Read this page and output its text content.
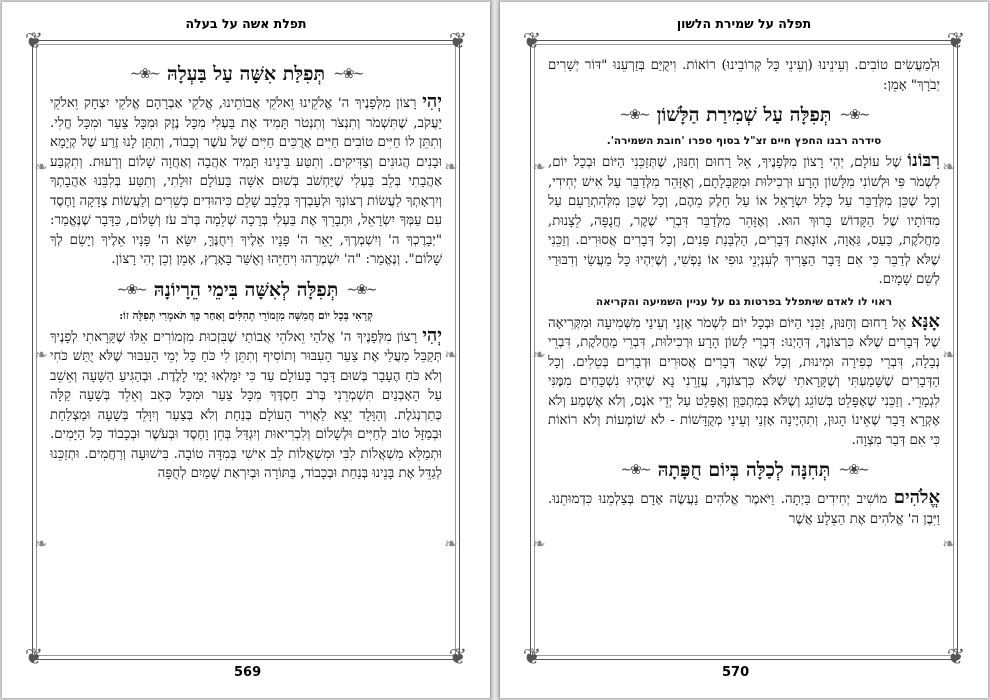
תפלת אשה על בעלה
❦	❦
❦	❦
❧
❧
❧
❧
❧
❧
∽❀∽
תְּפִלַּת אִשָּׁה עַל בַּעְלָהּ
∽❀∽

יְהִי רָצוֹן מִלְּפָנֶיךָ ה' אֱלֹקֵינוּ וֵאלֹקֵי אֲבוֹתֵינוּ, אֱלֹקֵי אַבְרָהָם אֱלֹקֵי יִצְחָק וֵאלֹקֵי יַעֲקֹב, שֶׁתִּשְׁמֹר וְתִנְצֹר וְתִנְטֹר תָּמִיד אֶת בַּעְלִי מִכָּל נֶזֶק וּמִכָּל צַעַר וּמִכָּל חֳלִי. וְתִתֵּן לוֹ חַיִּים טוֹבִים חַיִּים אֲרֻכִּים חַיִּים שֶׁל עֹשֶׁר וְכָבוֹד, וְתִתֵּן לָנוּ זֶרַע שֶׁל קְיָמָא וּבָנִים הֲגוּנִים וְצַדִּיקִים. וְתִטַּע בֵּינֵינוּ תָּמִיד אַהֲבָה וְאַחֲוָה שָׁלוֹם וְרֵעוּת. וְתִקְבַּע אַהֲבָתִי בְּלֵב בַּעְלִי שֶׁיַּחְשֹׁב בְּשׁוּם אִשָּׁה בָּעוֹלָם זוּלָתִי, וְתִטַּע בְּלִבֵּנוּ אַהֲבָתְךָ וְיִרְאָתְךָ לַעֲשׂוֹת רְצוֹנְךָ וּלְעָבְדְךָ בְּלֵבָב שָׁלֵם כִּיהוּדִים כְּשֵׁרִים וְלַעֲשׂוֹת צְדָקָה וָחֶסֶד עִם עַמְּךָ יִשְׂרָאֵל, וּתְבָרֵךְ אֶת בַּעְלִי בְּרָכָה שְׁלֵמָה בְּרֹב עֹז וְשָׁלוֹם, כַּדָּבָר שֶׁנֶּאֱמַר: "יְבָרֶכְךָ ה' וְיִשְׁמְרֶךָ, יָאֵר ה' פָּנָיו אֵלֶיךָ וִיחֻנֶּךָּ, יִשָּׂא ה' פָּנָיו אֵלֶיךָ וְיָשֵׂם לְךָ שָׁלוֹם". וְנֶאֱמַר: "ה' יִשְׁמְרֵהוּ וִיחַיֵּהוּ וְאֻשַּׁר בָּאָרֶץ, אָמֵן וְכֵן יְהִי רָצוֹן.

∽❀∽
תְּפִלָּה לְאִשָּׁה בִּימֵי הֵרָיוֹנָהּ
∽❀∽
קְרָאִי בְּכָל יוֹם חֲמִשָּׁה מִזְמוֹרֵי תְהִלִּים וְאַחַר כָּךְ תֹּאמְרִי תְּפִלָּה זוֹ:

יְהִי רָצוֹן מִלְּפָנֶיךָ ה' אֱלֹהַי וֵאלֹהֵי אֲבוֹתַי שֶׁבִּזְכוּת מִזְמוֹרִים אֵלּוּ שֶׁקָּרָאתִי לְפָנֶיךָ תְּקַבֵּל מַעֲלַי אֶת צַעַר הָעִבּוּר וְתוֹסִיף וְתִתֵּן לִי כֹּחַ כָּל יְמֵי הָעִבּוּר שֶׁלֹּא יֻתַּשׁ כֹּחִי וְלֹא כֹּחַ הֶעָבָר בְּשׁוּם דָּבָר בָּעוֹלָם עַד כִּי יִמָּלְאוּ יָמַי לָלֶדֶת. וּבְהַגִּיעַ הַשָּׁעָה וְאֵשֵׁב עַל הָאָבְנַיִם תִּשְׁמְרֵנִי בְּרֹב חַסְדֶּךָ מִכָּל צַעַר וּמִכָּל כְּאֵב וְאֵלֵד בְּשָׁעָה קַלָּה כְּתַרְנְגֹלֶת. וְהַוָּלָד יֵצֵא לַאֲוִיר הָעוֹלָם בְּנַחַת וְלֹא בְּצַעַר וְיִוָּלֵד בְּשָׁעָה וּמַצְלַחַת וּבְמַזָּל טוֹב לְחַיִּים וּלְשָׁלוֹם וְלִבְרִיאוּת וְיִגְדַּל בְּחֵן וָחֶסֶד וּבְעֹשֶׁר וּבְכָבוֹד כָּל הַיָּמִים. וּתְמַלֵּא מִשְׁאֲלוֹת לִבִּי וּמִשְׁאֲלוֹת לֵב אִישִׁי בְּמִדָּה טוֹבָה. בִּישׁוּעָה וְרַחֲמִים. וּתְזַכֵּנוּ לְגַדֵּל אֶת בָּנֵינוּ בְּנַחַת וּבְכָבוֹד, בַּתּוֹרָה וּבְיִרְאַת שָׁמַיִם לְחֻפָּה

569
תפלה על שמירת הלשון
❦	❦
❦	❦
❧
❧
❧
❧
❧
❧

וּלְמַעֲשִׂים טוֹבִים. וְעֵינֵינוּ (וְעֵינֵי כָּל קְרוֹבֵינוּ) רוֹאוֹת. וִיקֻיַּם בְּזַרְעֵנוּ "דּוֹר יְשָׁרִים יְבֹרָךְ" אָמֵן:

∽❀∽
תְּפִלָּה עַל שְׁמִירַת הַלָּשׁוֹן
∽❀∽
סידרה רבנו החפץ חיים זצ"ל בסוף ספרו 'חובת השמירה'.

רִבּוֹנוֹ שֶׁל עוֹלָם, יְהִי רָצוֹן מִלְּפָנֶיךָ, אֵל רַחוּם וְחַנּוּן, שֶׁתְּזַכֵּנִי הַיּוֹם וּבְכָל יוֹם, לִשְׁמֹר פִּי וּלְשׁוֹנִי מִלָּשׁוֹן הָרָע וּרְכִילוּת וּמִקַּבָּלָתָם, וְאֶזָּהֵר מִלְּדַבֵּר עַל אִישׁ יְחִידִי, וְכָל שֶׁכֵּן מִלְּדַבֵּר עַל כְּלַל יִשְׂרָאֵל אוֹ עַל חֵלֶק מֵהֶם, וְכָל שֶׁכֵּן מִלְּהִתְרַעֵם עַל מִדּוֹתָיו שֶׁל הַקָּדוֹשׁ בָּרוּךְ הוּא. וְאֶזָּהֵר מִלְּדַבֵּר דִּבְרֵי שֶׁקֶר, חֲנֻפָּה, לֵצָנוּת, מַחֲלֹקֶת, כַּעַס, גַּאֲוָה, אוֹנָאַת דְּבָרִים, הַלְבָּנַת פָּנִים, וְכָל דְּבָרִים אֲסוּרִים. וְזַכֵּנִי שֶׁלֹּא לְדַבֵּר כִּי אִם דָּבָר הַצָּרִיךְ לְעִנְיְנֵי גּוּפִי אוֹ נַפְשִׁי, וְשֶׁיִּהְיוּ כָּל מַעֲשַׂי וְדִבּוּרַי לְשֵׁם שָׁמָיִם.

ראוי לו לאדם שיתפלל בפרטות גם על עניין השמיעה והקריאה

אָנָּא אֵל רַחוּם וְחַנּוּן, זַכֵּנִי הַיּוֹם וּבְכָל יוֹם לִשְׁמֹר אָזְנַי וְעֵינַי מִשְּׁמִיעָה וּמִקְּרִיאָה שֶׁל דְּבָרִים שֶׁלֹּא כִּרְצוֹנֶךָ, דְּהַיְנוּ: דִּבְרֵי לָשׁוֹן הָרָע וּרְכִילוּת, דִּבְרֵי מַחֲלֹקֶת, דִּבְרֵי נְבָלָה, דִּבְרֵי כְּפִירָה וּמִינוּת, וְכָל שְׁאָר דְּבָרִים אֲסוּרִים וּדְבָרִים בְּטֵלִים. וְכָל הַדְּבָרִים שֶׁשָּׁמַעְתִּי וְשֶׁקָּרָאתִי שֶׁלֹּא כִּרְצוֹנְךָ, עֲזָרֵנִי נָא שֶׁיִּהְיוּ נִשְׁכָּחִים מִמֶּנִּי לִגְמָרֵי. וְזַכֵּנִי שֶׁאֶפָּלֵט בְּשׁוֹגֵג וְשֶׁלֹּא בְּמִתְכַּוֵּן וְאֶפָּלֵט עַל יְדֵי אֹנֶס, וְלֹא אֶשְׁמַע וְלֹא אֶקְרָא דָּבָר שֶׁאֵינוֹ הָגוּן, וְתִהְיֶינָה אָזְנַי וְעֵינַי מְקֻדָּשׁוֹת - לֹא שׁוֹמְעוֹת וְלֹא רוֹאוֹת כִּי אִם דְּבַר מִצְוָה.

∽❀∽
תְּחִנָּה לְכַלָּה בְּיוֹם חֻפָּתָהּ
∽❀∽

אֱלֹהִים מוֹשִׁיב יְחִידִים בַּיְתָה. וַיֹּאמֶר אֱלֹהִים נַעֲשֶׂה אָדָם בְּצַלְמֵנוּ כִּדְמוּתֵנוּ. וַיִּבֶן ה' אֱלֹהִים אֶת הַצֵּלָע אֲשֶׁר

570
